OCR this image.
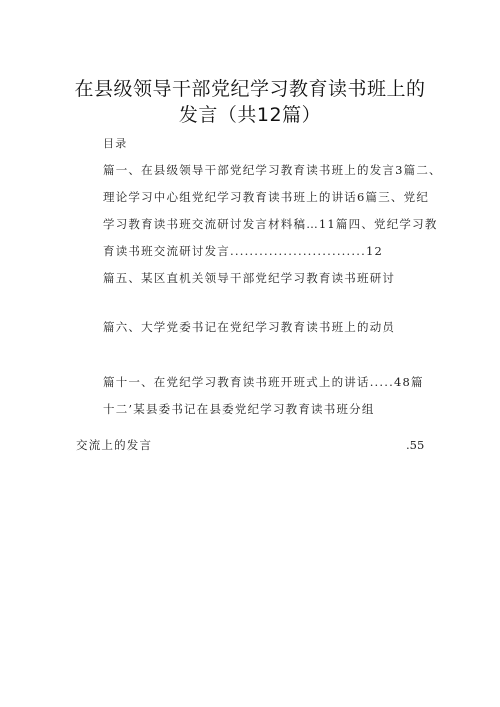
在县级领导干部党纪学习教育读书班上的
发言（共12篇）
目录
篇一、在县级领导干部党纪学习教育读书班上的发言3篇二、
理论学习中心组党纪学习教育读书班上的讲话6篇三、党纪
学习教育读书班交流研讨发言材料稿…11篇四、党纪学习教
育读书班交流研讨发言............................12
篇五、某区直机关领导干部党纪学习教育读书班研讨
篇六、大学党委书记在党纪学习教育读书班上的动员
篇十一、在党纪学习教育读书班开班式上的讲话.....48篇
十二’某县委书记在县委党纪学习教育读书班分组
交流上的发言	.55
